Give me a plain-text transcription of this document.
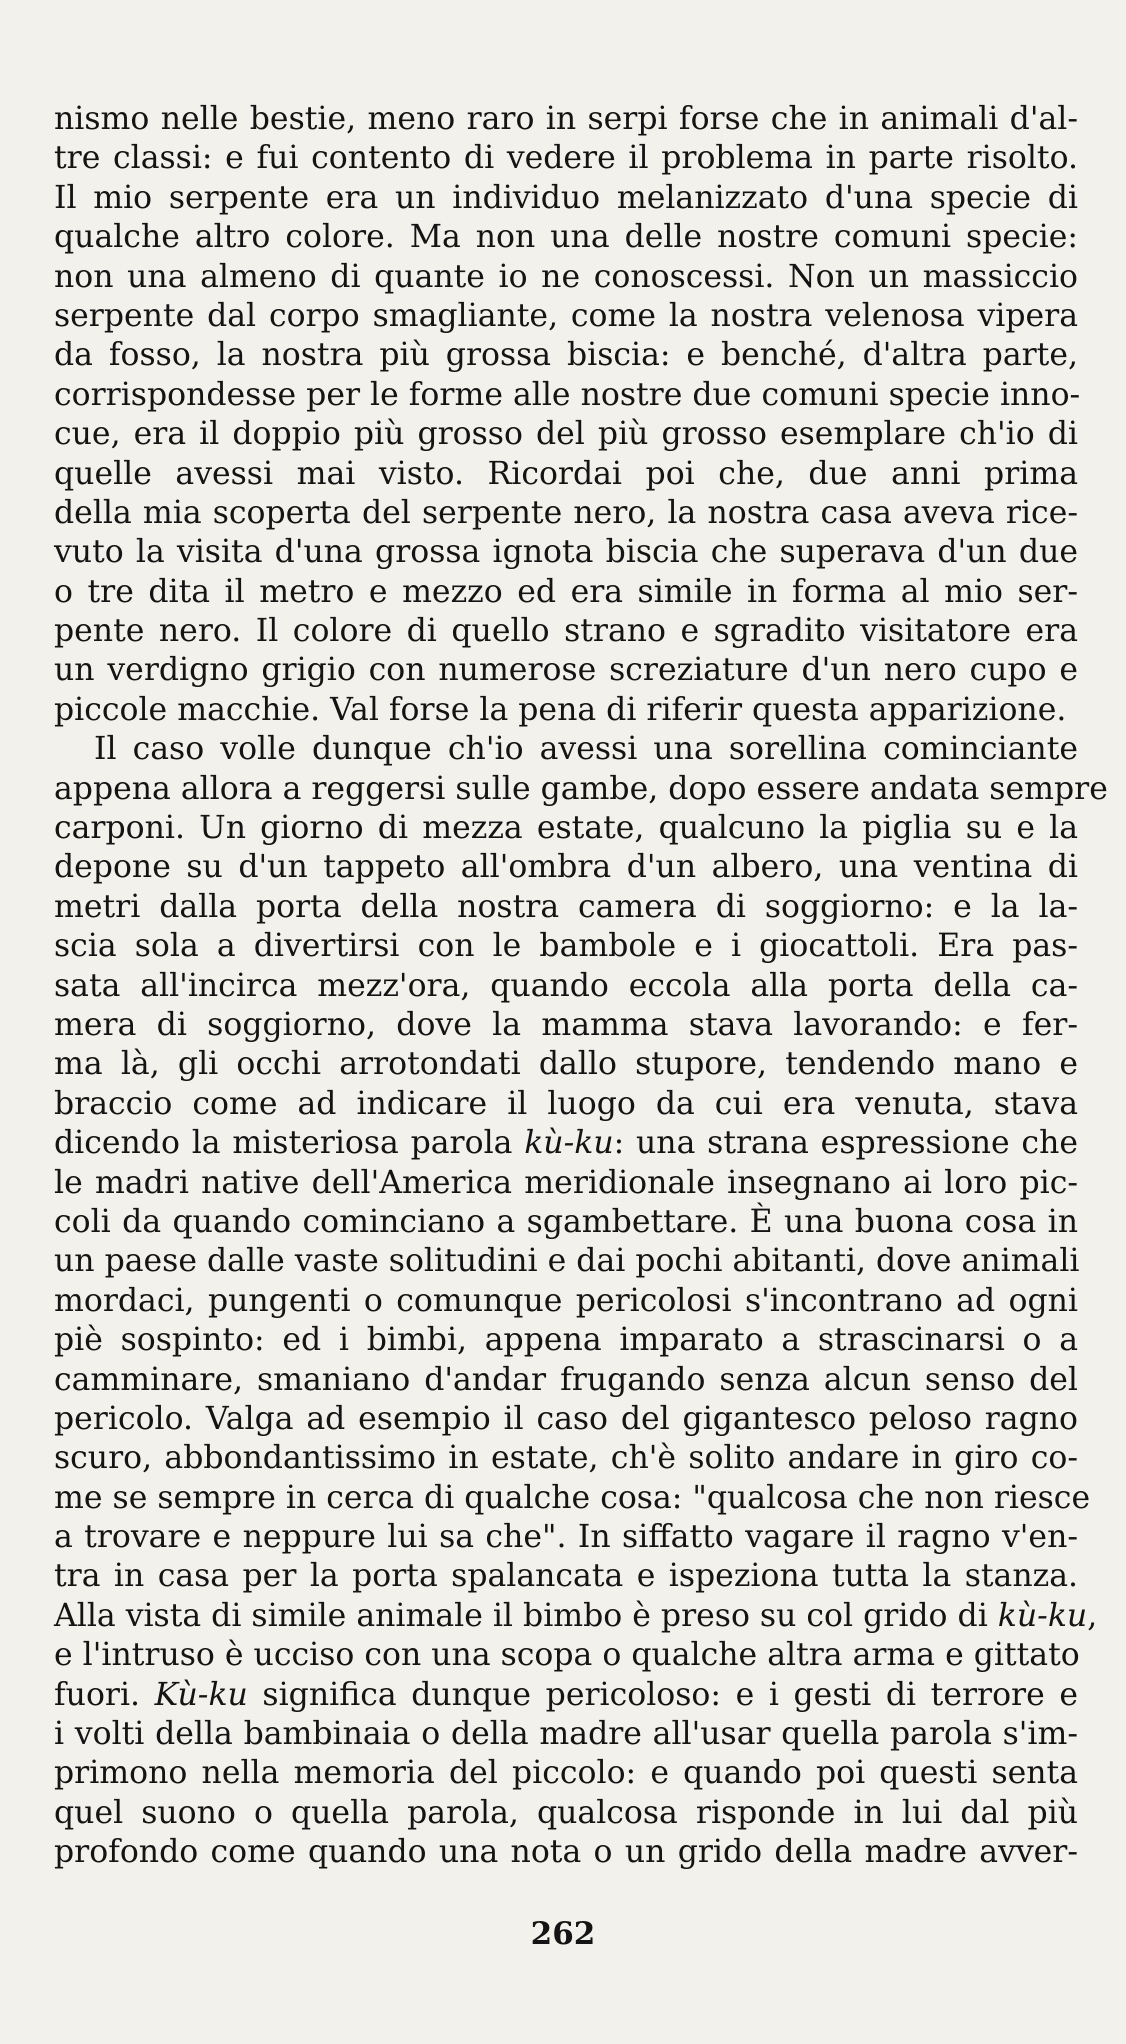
nismo nelle bestie, meno raro in serpi forse che in animali d'al-
tre classi: e fui contento di vedere il problema in parte risolto.
Il mio serpente era un individuo melanizzato d'una specie di
qualche altro colore. Ma non una delle nostre comuni specie:
non una almeno di quante io ne conoscessi. Non un massiccio
serpente dal corpo smagliante, come la nostra velenosa vipera
da fosso, la nostra più grossa biscia: e benché, d'altra parte,
corrispondesse per le forme alle nostre due comuni specie inno-
cue, era il doppio più grosso del più grosso esemplare ch'io di
quelle avessi mai visto. Ricordai poi che, due anni prima
della mia scoperta del serpente nero, la nostra casa aveva rice-
vuto la visita d'una grossa ignota biscia che superava d'un due
o tre dita il metro e mezzo ed era simile in forma al mio ser-
pente nero. Il colore di quello strano e sgradito visitatore era
un verdigno grigio con numerose screziature d'un nero cupo e
piccole macchie. Val forse la pena di riferir questa apparizione.
Il caso volle dunque ch'io avessi una sorellina cominciante
appena allora a reggersi sulle gambe, dopo essere andata sempre
carponi. Un giorno di mezza estate, qualcuno la piglia su e la
depone su d'un tappeto all'ombra d'un albero, una ventina di
metri dalla porta della nostra camera di soggiorno: e la la-
scia sola a divertirsi con le bambole e i giocattoli. Era pas-
sata all'incirca mezz'ora, quando eccola alla porta della ca-
mera di soggiorno, dove la mamma stava lavorando: e fer-
ma là, gli occhi arrotondati dallo stupore, tendendo mano e
braccio come ad indicare il luogo da cui era venuta, stava
dicendo la misteriosa parola kù-ku: una strana espressione che
le madri native dell'America meridionale insegnano ai loro pic-
coli da quando cominciano a sgambettare. È una buona cosa in
un paese dalle vaste solitudini e dai pochi abitanti, dove animali
mordaci, pungenti o comunque pericolosi s'incontrano ad ogni
piè sospinto: ed i bimbi, appena imparato a strascinarsi o a
camminare, smaniano d'andar frugando senza alcun senso del
pericolo. Valga ad esempio il caso del gigantesco peloso ragno
scuro, abbondantissimo in estate, ch'è solito andare in giro co-
me se sempre in cerca di qualche cosa: "qualcosa che non riesce
a trovare e neppure lui sa che". In siffatto vagare il ragno v'en-
tra in casa per la porta spalancata e ispeziona tutta la stanza.
Alla vista di simile animale il bimbo è preso su col grido di kù-ku,
e l'intruso è ucciso con una scopa o qualche altra arma e gittato
fuori. Kù-ku significa dunque pericoloso: e i gesti di terrore e
i volti della bambinaia o della madre all'usar quella parola s'im-
primono nella memoria del piccolo: e quando poi questi senta
quel suono o quella parola, qualcosa risponde in lui dal più
profondo come quando una nota o un grido della madre avver-
262
